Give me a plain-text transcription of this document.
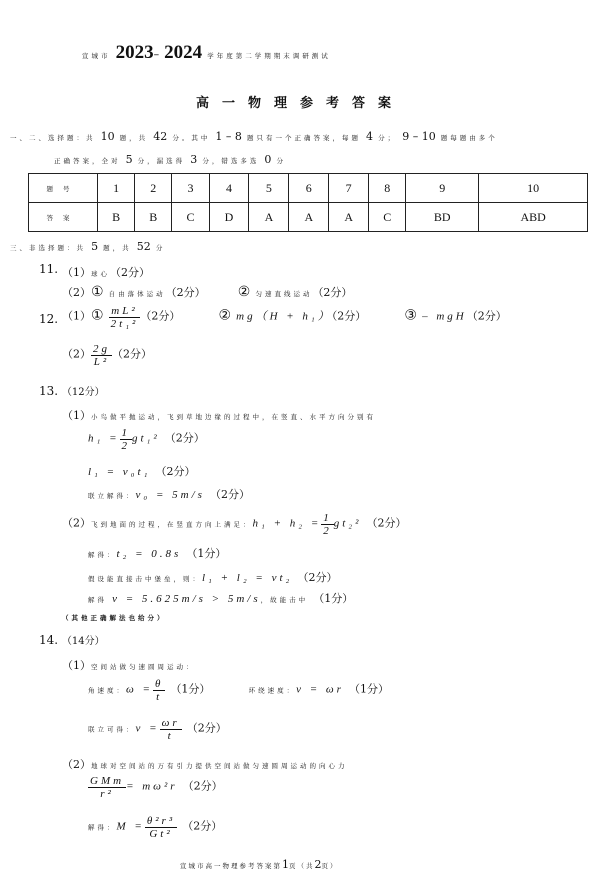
宣城市 2023– 2024 学年度第二学期期末调研测试
高一物理参考答案
一、二、选择题：共 10 题，共 42 分。其中 1 – 8 题只有一个正确答案，每题 4 分； 9 – 10 题每题由多个
正确答案，全对 5 分，漏选得 3 分，错选多选 0 分
题号	1	2	3	4	5	6	7	8	9	10
答案	B	B	C	D	A	A	A	C	BD	ABD
三、非选择题：共 5 题，共 52 分
11. （1）球心（2分）
（2）① 自由落体运动（2分） ② 匀速直线运动（2分）
12. （1）① $\frac{\text{mL²}}{\text{2t₁²}} (2$分）	② mg（H + h₁）（2分）	③ – mgH（2分）
$(2) \frac{2g}{\text{L²}} (2$分）
13. （12分）
（1）小鸟做平抛运动，飞到草地边缘的过程中，在竖直、水平方向分别有
$h_1 = \frac{1}{2} gt_1^2$ （2分）
l₁ = v₀t₁ （2分）
联立解得：v₀ = 5m/s （2分）
（2）飞到地面的过程，在竖直方向上满足：$h_1 + h_2 = \frac{1}{2} gt_2^2$ （2分）
解得：t₂ = 0.8s （1分）
假设能直接击中堡垒，则：l₁ + l₂ = vt₂ （2分）
解得 v = 5.625m/s > 5m/s，故能击中 （1分）
（其他正确解法也给分）
14. （14分）
（1）空间站做匀速圆周运动：
角速度：$\omega = \frac{\theta}{t} (1$分）	环绕速度：v = ωr （1分）
联立可得：$v = \frac{\omega r}{t} (2$分）
（2）地球对空间站的万有引力提供空间站做匀速圆周运动的向心力
$\frac{\text{GMm}}{\text{r²}} = m\omega^2r$ （2分）
解得：$M = \frac{\text{θ²r³}}{\text{Gt²}} (2$分）
宣城市高一物理参考答案第1页（共2页）
